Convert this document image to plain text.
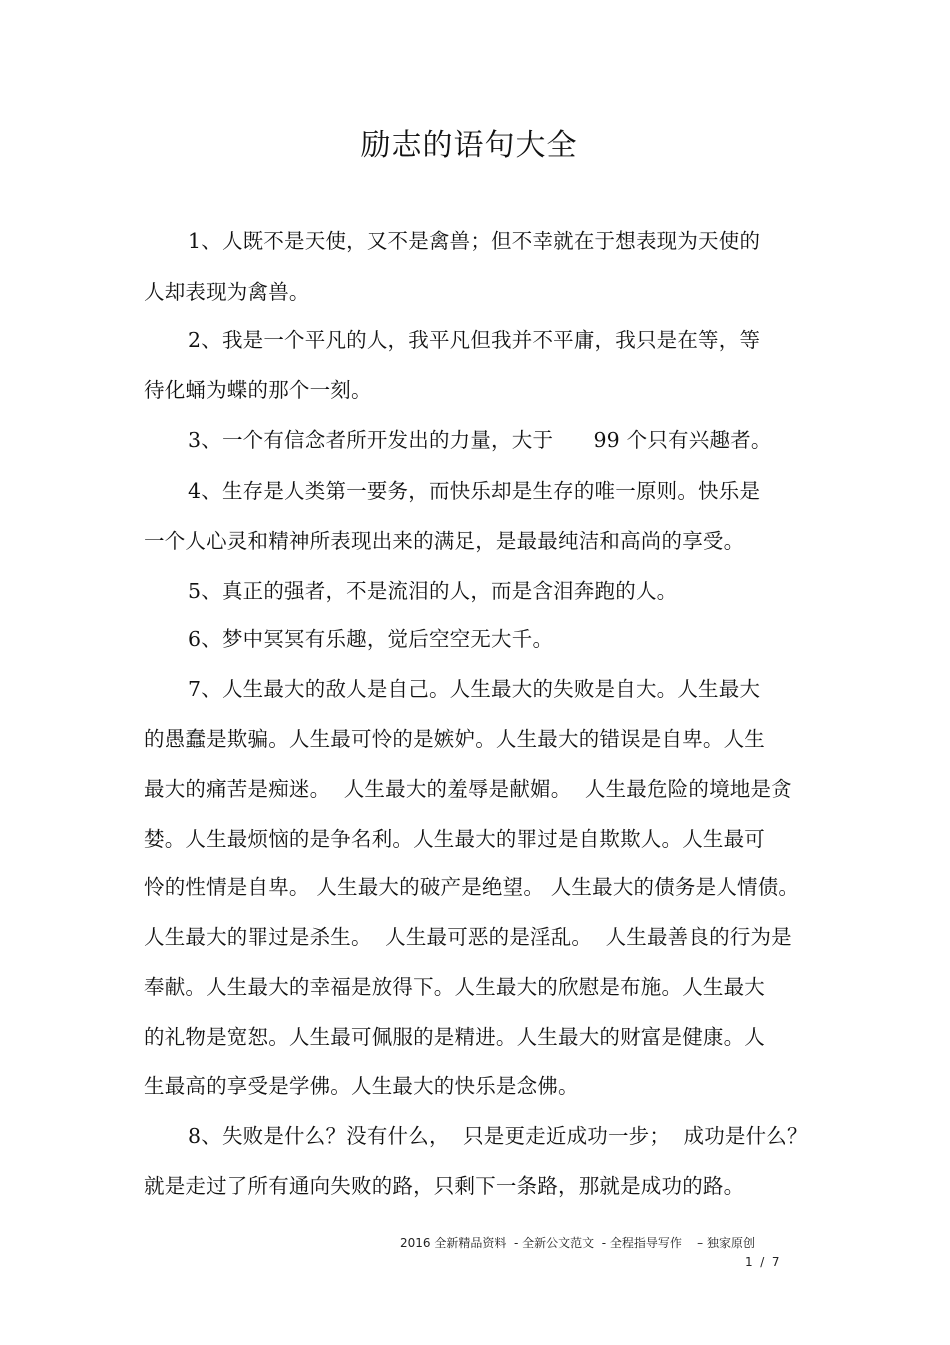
励志的语句大全
1、人既不是天使，又不是禽兽；但不幸就在于想表现为天使的
人却表现为禽兽。
2、我是一个平凡的人，我平凡但我并不平庸，我只是在等，等
待化蛹为蝶的那个一刻。
3、一个有信念者所开发出的力量，大于      99 个只有兴趣者。
4、生存是人类第一要务，而快乐却是生存的唯一原则。快乐是
一个人心灵和精神所表现出来的满足，是最最纯洁和高尚的享受。
5、真正的强者，不是流泪的人，而是含泪奔跑的人。
6、梦中冥冥有乐趣，觉后空空无大千。
7、人生最大的敌人是自己。人生最大的失败是自大。人生最大
的愚蠢是欺骗。人生最可怜的是嫉妒。人生最大的错误是自卑。人生
最大的痛苦是痴迷。  人生最大的羞辱是献媚。  人生最危险的境地是贪
婪。人生最烦恼的是争名利。人生最大的罪过是自欺欺人。人生最可
怜的性情是自卑。 人生最大的破产是绝望。 人生最大的债务是人情债。
人生最大的罪过是杀生。  人生最可恶的是淫乱。  人生最善良的行为是
奉献。人生最大的幸福是放得下。人生最大的欣慰是布施。人生最大
的礼物是宽恕。人生最可佩服的是精进。人生最大的财富是健康。人
生最高的享受是学佛。人生最大的快乐是念佛。
8、失败是什么？没有什么，  只是更走近成功一步；  成功是什么？
就是走过了所有通向失败的路，只剩下一条路，那就是成功的路。
2016 全新精品资料  - 全新公文范文  - 全程指导写作    – 独家原创
1  /  7
